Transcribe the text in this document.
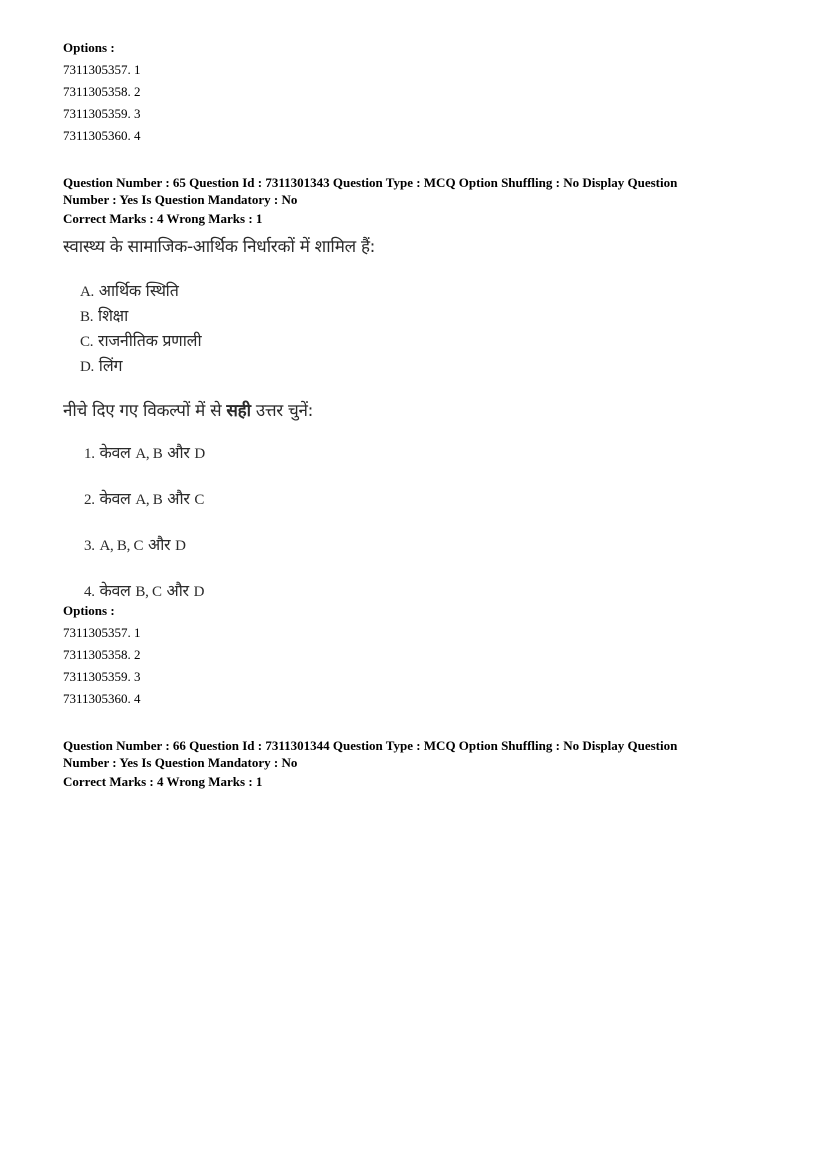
Options :
7311305357. 1
7311305358. 2
7311305359. 3
7311305360. 4
Question Number : 65 Question Id : 7311301343 Question Type : MCQ Option Shuffling : No Display Question
Number : Yes Is Question Mandatory : No
Correct Marks : 4 Wrong Marks : 1
स्वास्थ्य के सामाजिक-आर्थिक निर्धारकों में शामिल हैं:
A. आर्थिक स्थिति
B. शिक्षा
C. राजनीतिक प्रणाली
D. लिंग
नीचे दिए गए विकल्पों में से सही उत्तर चुनें:
1. केवल A, B और D
2. केवल A, B और C
3. A, B, C और D
4. केवल B, C और D
Options :
7311305357. 1
7311305358. 2
7311305359. 3
7311305360. 4
Question Number : 66 Question Id : 7311301344 Question Type : MCQ Option Shuffling : No Display Question
Number : Yes Is Question Mandatory : No
Correct Marks : 4 Wrong Marks : 1
